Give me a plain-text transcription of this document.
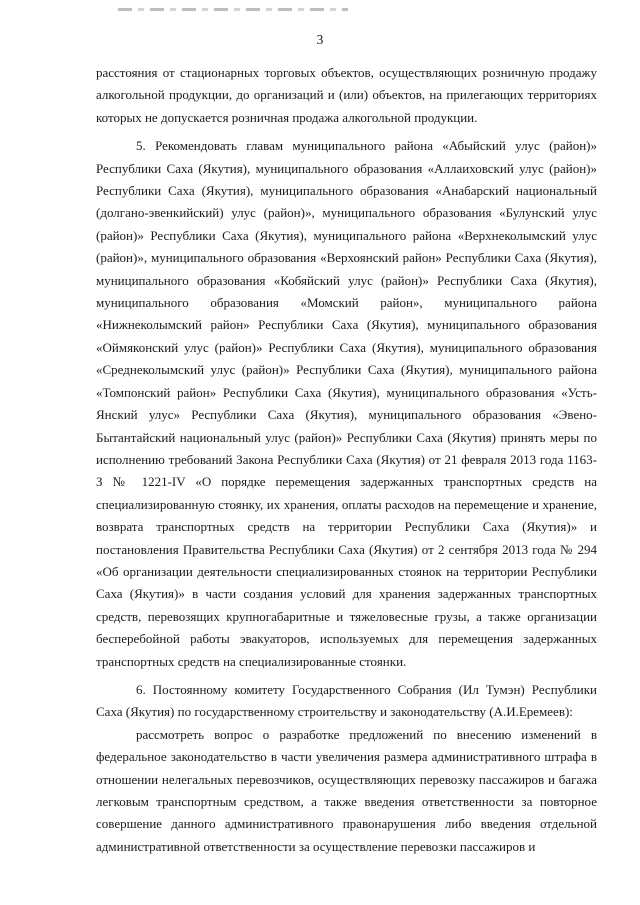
3

расстояния от стационарных торговых объектов, осуществляющих розничную продажу алкогольной продукции, до организаций и (или) объектов, на прилегающих территориях которых не допускается розничная продажа алкогольной продукции.

5. Рекомендовать главам муниципального района «Абыйский улус (район)» Республики Саха (Якутия), муниципального образования «Аллаиховский улус (район)» Республики Саха (Якутия), муниципального образования «Анабарский национальный (долгано-эвенкийский) улус (район)», муниципального образования «Булунский улус (район)» Республики Саха (Якутия), муниципального района «Верхнеколымский улус (район)», муниципального образования «Верхоянский район» Республики Саха (Якутия), муниципального образования «Кобяйский улус (район)» Республики Саха (Якутия), муниципального образования «Момский район», муниципального района «Нижнеколымский район» Республики Саха (Якутия), муниципального образования «Оймяконский улус (район)» Республики Саха (Якутия), муниципального образования «Среднеколымский улус (район)» Республики Саха (Якутия), муниципального района «Томпонский район» Республики Саха (Якутия), муниципального образования «Усть-Янский улус» Республики Саха (Якутия), муниципального образования «Эвено-Бытантайский национальный улус (район)» Республики Саха (Якутия) принять меры по исполнению требований Закона Республики Саха (Якутия) от 21 февраля 2013 года 1163-З № 1221-IV «О порядке перемещения задержанных транспортных средств на специализированную стоянку, их хранения, оплаты расходов на перемещение и хранение, возврата транспортных средств на территории Республики Саха (Якутия)» и постановления Правительства Республики Саха (Якутия) от 2 сентября 2013 года № 294 «Об организации деятельности специализированных стоянок на территории Республики Саха (Якутия)» в части создания условий для хранения задержанных транспортных средств, перевозящих крупногабаритные и тяжеловесные грузы, а также организации бесперебойной работы эвакуаторов, используемых для перемещения задержанных транспортных средств на специализированные стоянки.

6. Постоянному комитету Государственного Собрания (Ил Тумэн) Республики Саха (Якутия) по государственному строительству и законодательству (А.И.Еремеев):

рассмотреть вопрос о разработке предложений по внесению изменений в федеральное законодательство в части увеличения размера административного штрафа в отношении нелегальных перевозчиков, осуществляющих перевозку пассажиров и багажа легковым транспортным средством, а также введения ответственности за повторное совершение данного административного правонарушения либо введения отдельной административной ответственности за осуществление перевозки пассажиров и
